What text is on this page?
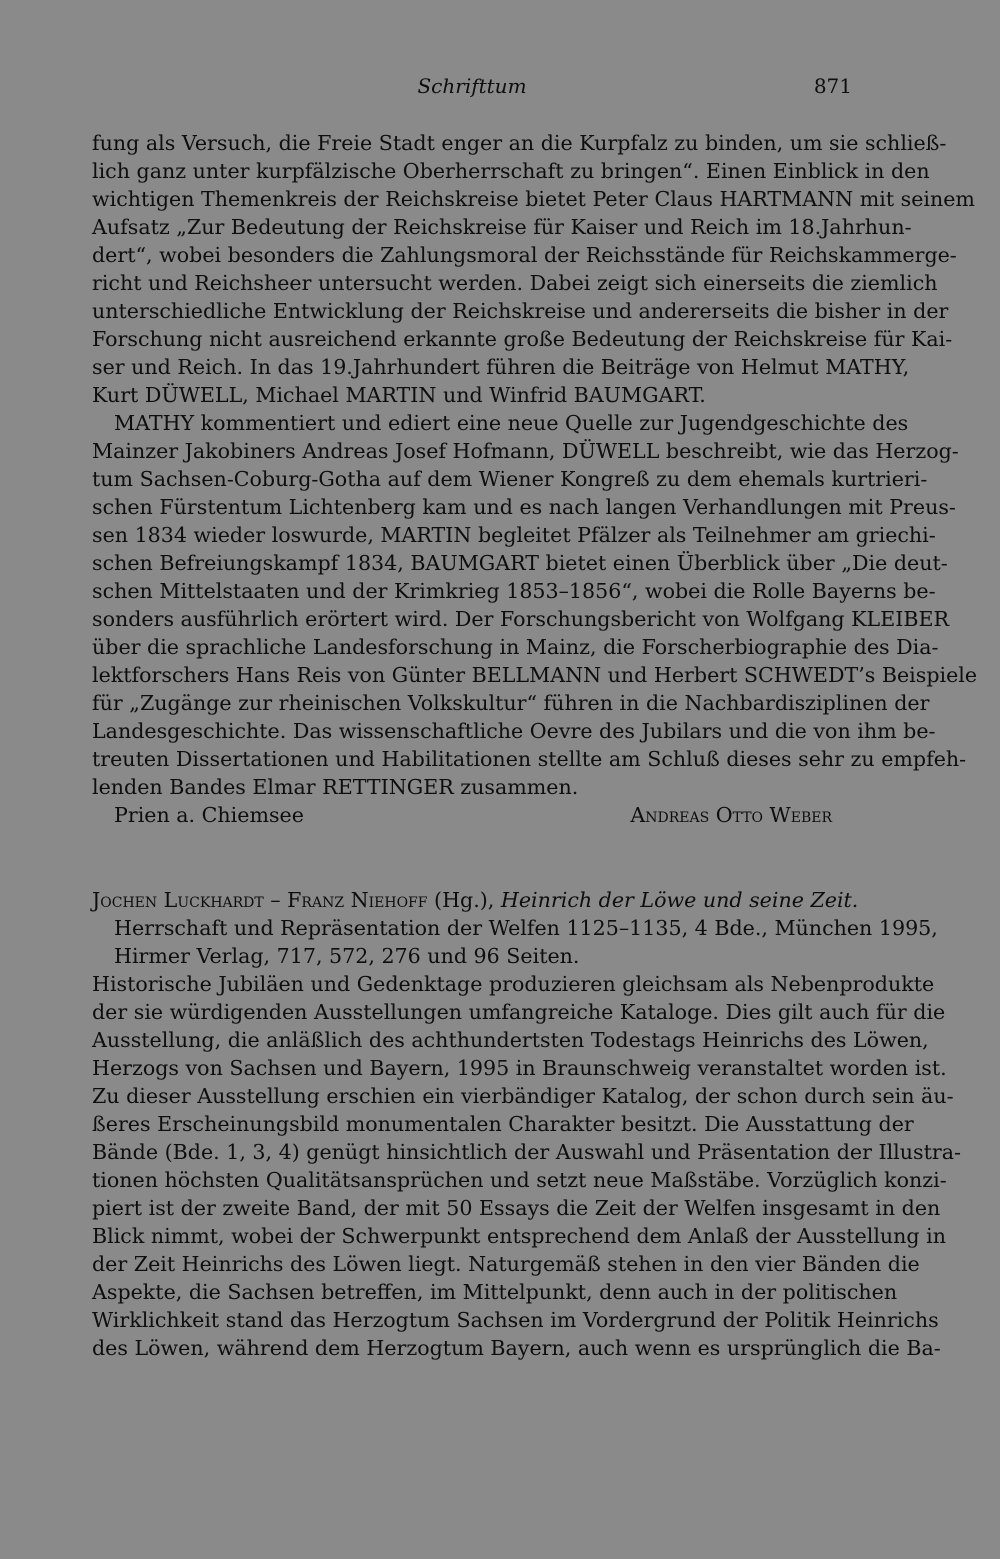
Schrifttum	871
fung als Versuch, die Freie Stadt enger an die Kurpfalz zu binden, um sie schließ-
lich ganz unter kurpfälzische Oberherrschaft zu bringen“. Einen Einblick in den
wichtigen Themenkreis der Reichskreise bietet Peter Claus HARTMANN mit seinem
Aufsatz „Zur Bedeutung der Reichskreise für Kaiser und Reich im 18.Jahrhun-
dert“, wobei besonders die Zahlungsmoral der Reichsstände für Reichskammerge-
richt und Reichsheer untersucht werden. Dabei zeigt sich einerseits die ziemlich
unterschiedliche Entwicklung der Reichskreise und andererseits die bisher in der
Forschung nicht ausreichend erkannte große Bedeutung der Reichskreise für Kai-
ser und Reich. In das 19.Jahrhundert führen die Beiträge von Helmut MATHY,
Kurt DÜWELL, Michael MARTIN und Winfrid BAUMGART.
MATHY kommentiert und ediert eine neue Quelle zur Jugendgeschichte des
Mainzer Jakobiners Andreas Josef Hofmann, DÜWELL beschreibt, wie das Herzog-
tum Sachsen-Coburg-Gotha auf dem Wiener Kongreß zu dem ehemals kurtrieri-
schen Fürstentum Lichtenberg kam und es nach langen Verhandlungen mit Preus-
sen 1834 wieder loswurde, MARTIN begleitet Pfälzer als Teilnehmer am griechi-
schen Befreiungskampf 1834, BAUMGART bietet einen Überblick über „Die deut-
schen Mittelstaaten und der Krimkrieg 1853–1856“, wobei die Rolle Bayerns be-
sonders ausführlich erörtert wird. Der Forschungsbericht von Wolfgang KLEIBER
über die sprachliche Landesforschung in Mainz, die Forscherbiographie des Dia-
lektforschers Hans Reis von Günter BELLMANN und Herbert SCHWEDT’s Beispiele
für „Zugänge zur rheinischen Volkskultur“ führen in die Nachbardisziplinen der
Landesgeschichte. Das wissenschaftliche Oevre des Jubilars und die von ihm be-
treuten Dissertationen und Habilitationen stellte am Schluß dieses sehr zu empfeh-
lenden Bandes Elmar RETTINGER zusammen.
Prien a. Chiemsee	Andreas Otto Weber
Jochen Luckhardt – Franz Niehoff (Hg.), Heinrich der Löwe und seine Zeit.
Herrschaft und Repräsentation der Welfen 1125–1135, 4 Bde., München 1995,
Hirmer Verlag, 717, 572, 276 und 96 Seiten.
Historische Jubiläen und Gedenktage produzieren gleichsam als Nebenprodukte
der sie würdigenden Ausstellungen umfangreiche Kataloge. Dies gilt auch für die
Ausstellung, die anläßlich des achthundertsten Todestags Heinrichs des Löwen,
Herzogs von Sachsen und Bayern, 1995 in Braunschweig veranstaltet worden ist.
Zu dieser Ausstellung erschien ein vierbändiger Katalog, der schon durch sein äu-
ßeres Erscheinungsbild monumentalen Charakter besitzt. Die Ausstattung der
Bände (Bde. 1, 3, 4) genügt hinsichtlich der Auswahl und Präsentation der Illustra-
tionen höchsten Qualitätsansprüchen und setzt neue Maßstäbe. Vorzüglich konzi-
piert ist der zweite Band, der mit 50 Essays die Zeit der Welfen insgesamt in den
Blick nimmt, wobei der Schwerpunkt entsprechend dem Anlaß der Ausstellung in
der Zeit Heinrichs des Löwen liegt. Naturgemäß stehen in den vier Bänden die
Aspekte, die Sachsen betreffen, im Mittelpunkt, denn auch in der politischen
Wirklichkeit stand das Herzogtum Sachsen im Vordergrund der Politik Heinrichs
des Löwen, während dem Herzogtum Bayern, auch wenn es ursprünglich die Ba-
